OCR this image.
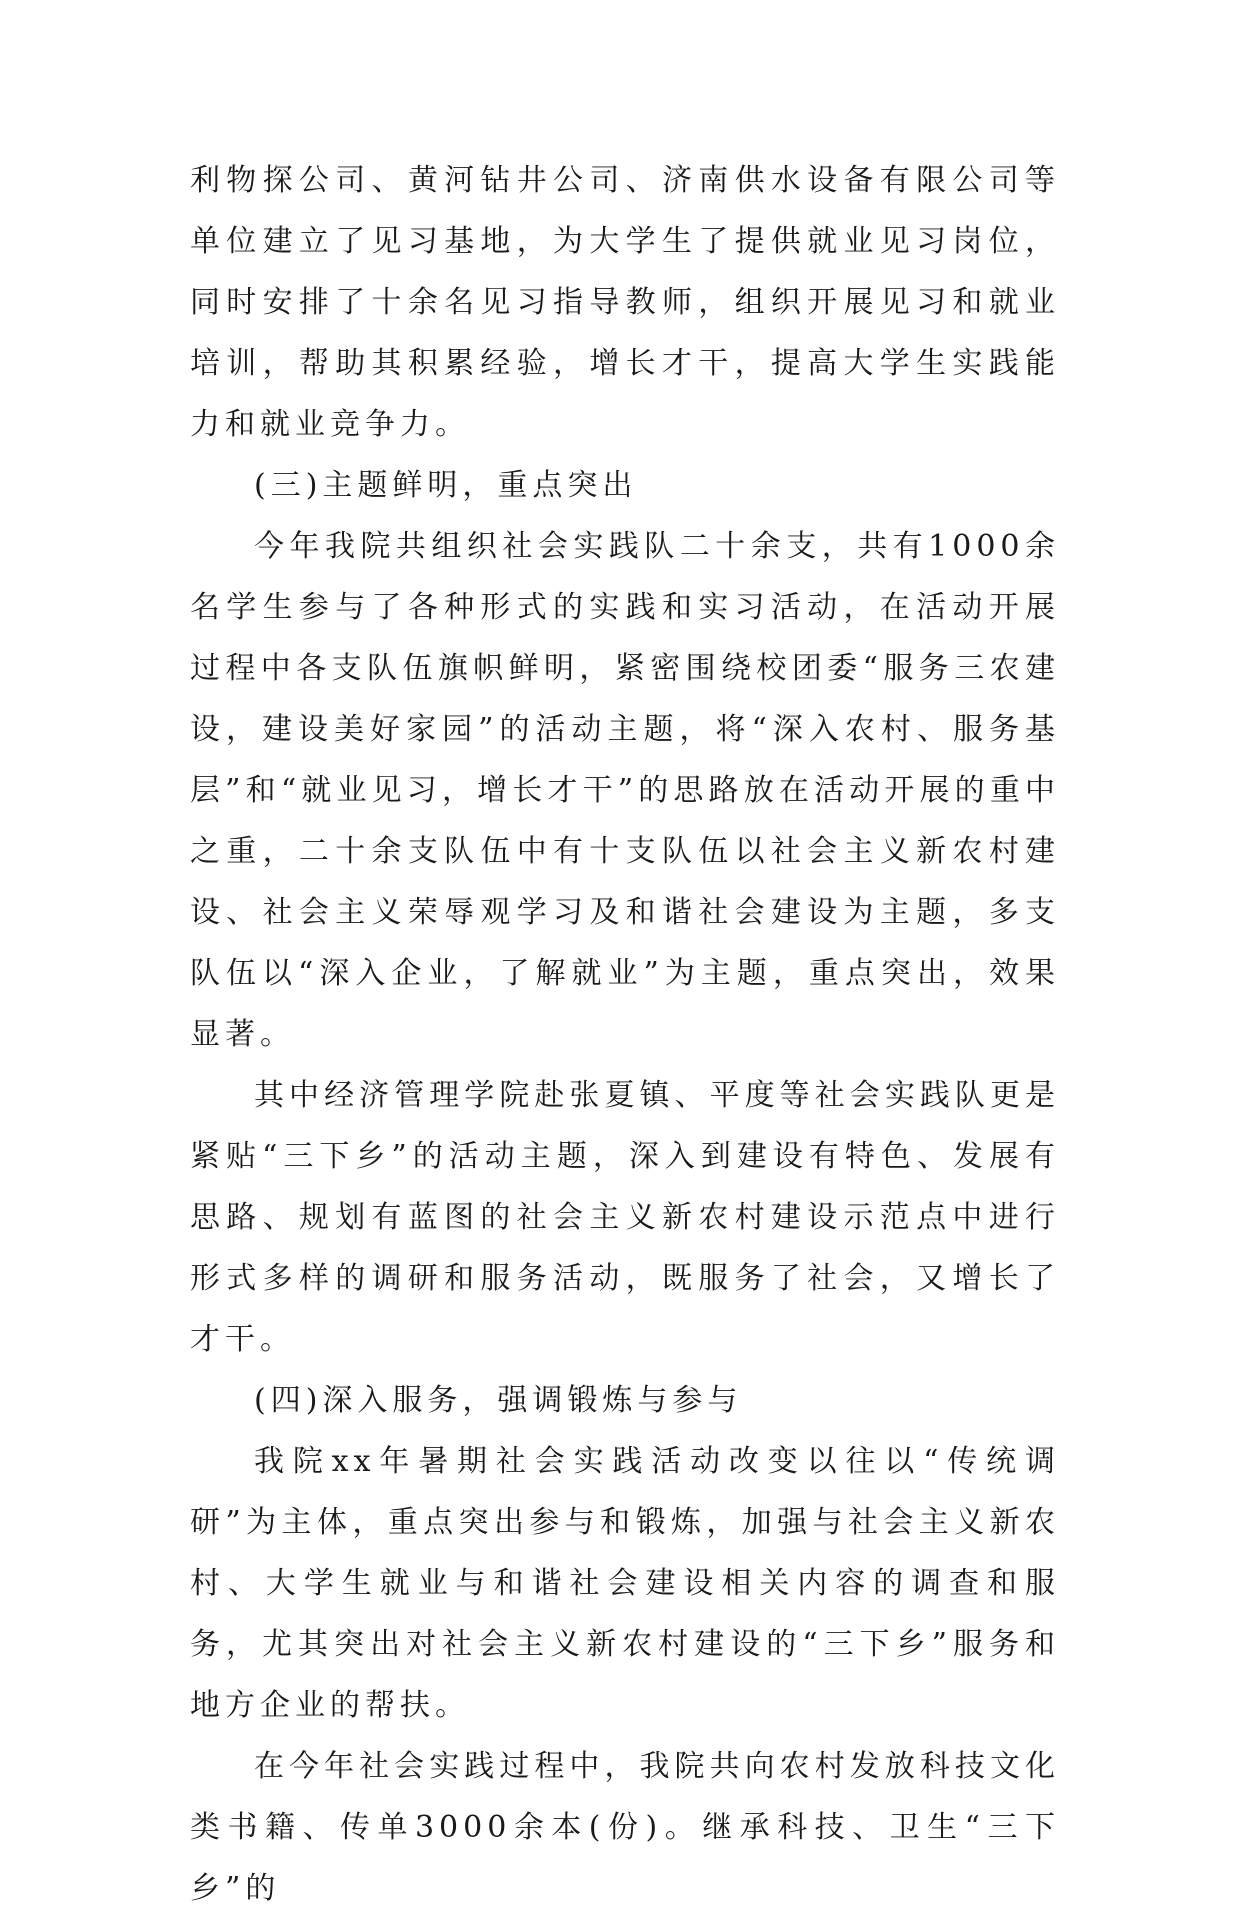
利物探公司、黄河钻井公司、济南供水设备有限公司等单位建立了见习基地，为大学生了提供就业见习岗位，同时安排了十余名见习指导教师，组织开展见习和就业培训，帮助其积累经验，增长才干，提高大学生实践能力和就业竞争力。

(三)主题鲜明，重点突出

今年我院共组织社会实践队二十余支，共有1000余名学生参与了各种形式的实践和实习活动，在活动开展过程中各支队伍旗帜鲜明，紧密围绕校团委“服务三农建设，建设美好家园”的活动主题，将“深入农村、服务基层”和“就业见习，增长才干”的思路放在活动开展的重中之重，二十余支队伍中有十支队伍以社会主义新农村建设、社会主义荣辱观学习及和谐社会建设为主题，多支队伍以“深入企业，了解就业”为主题，重点突出，效果显著。

其中经济管理学院赴张夏镇、平度等社会实践队更是紧贴“三下乡”的活动主题，深入到建设有特色、发展有思路、规划有蓝图的社会主义新农村建设示范点中进行形式多样的调研和服务活动，既服务了社会，又增长了才干。

(四)深入服务，强调锻炼与参与

我院xx年暑期社会实践活动改变以往以“传统调研”为主体，重点突出参与和锻炼，加强与社会主义新农村、大学生就业与和谐社会建设相关内容的调查和服务，尤其突出对社会主义新农村建设的“三下乡”服务和地方企业的帮扶。

在今年社会实践过程中，我院共向农村发放科技文化类书籍、传单3000余本(份)。继承科技、卫生“三下乡”的
